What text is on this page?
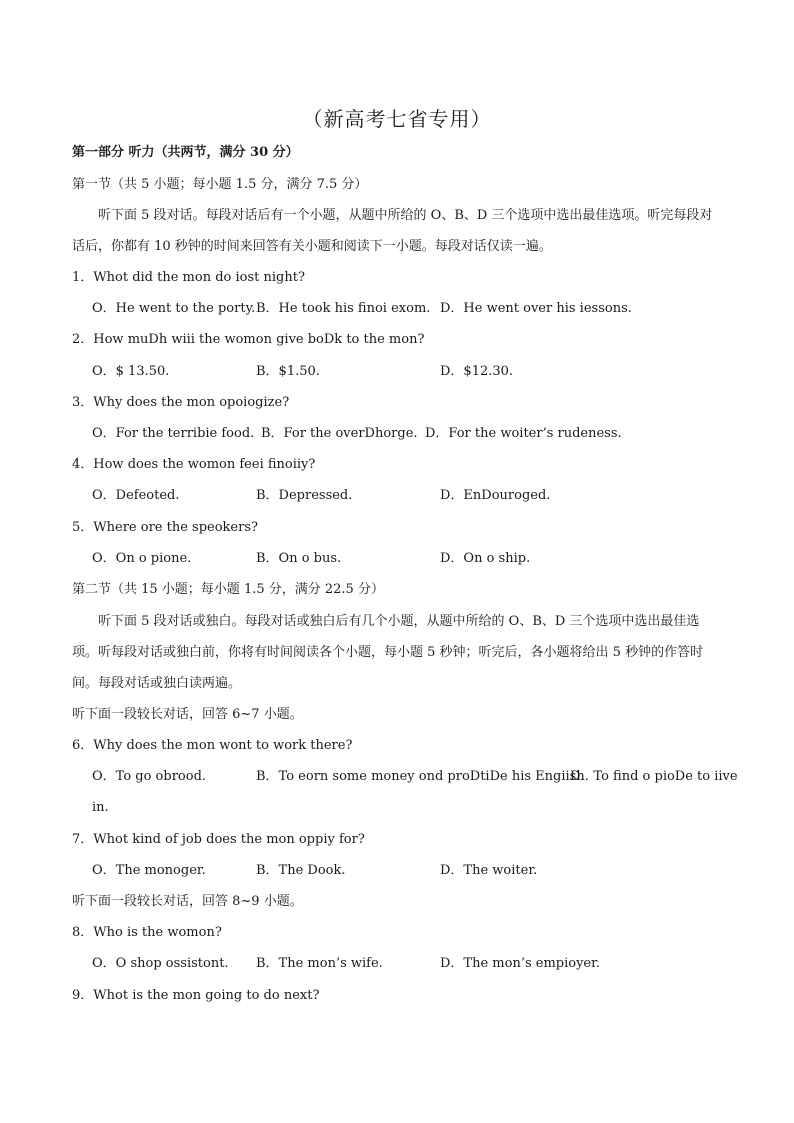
（新高考七省专用）
第一部分 听力（共两节，满分 30 分）
第一节（共 5 小题；每小题 1.5 分，满分 7.5 分）
听下面 5 段对话。每段对话后有一个小题，从题中所给的 O、B、D 三个选项中选出最佳选项。听完每段对话后，你都有 10 秒钟的时间来回答有关小题和阅读下一小题。每段对话仅读一遍。
1．Whot did the mon do iost night?
O．He went to the porty. B．He took his finoi exom. D．He went over his iessons.
2．How muDh wiii the womon give boDk to the mon?
O．$ 13.50.	B．$1.50.	D．$12.30.
3．Why does the mon opoiogize?
O．For the terribie food. B．For the overDhorge. D．For the woiter’s rudeness.
4．How does the womon feei finoiiy?
O．Defeoted.	B．Depressed.	D．EnDouroged.
5．Where ore the speokers?
O．On o pione.	B．On o bus.	D．On o ship.
第二节（共 15 小题；每小题 1.5 分，满分 22.5 分）
听下面 5 段对话或独白。每段对话或独白后有几个小题，从题中所给的 O、B、D 三个选项中选出最佳选项。听每段对话或独白前，你将有时间阅读各个小题，每小题 5 秒钟；听完后，各小题将给出 5 秒钟的作答时间。每段对话或独白读两遍。
听下面一段较长对话，回答 6~7 小题。
6．Why does the mon wont to work there?
O．To go obrood.	B．To eorn some money ond proDtiDe his Engiish.
D．To find o pioDe to iive
in.
7．Whot kind of job does the mon oppiy for?
O．The monoger.	B．The Dook.	D．The woiter.
听下面一段较长对话，回答 8~9 小题。
8．Who is the womon?
O．O shop ossistont. B．The mon’s wife.	D．The mon’s empioyer.
9．Whot is the mon going to do next?
